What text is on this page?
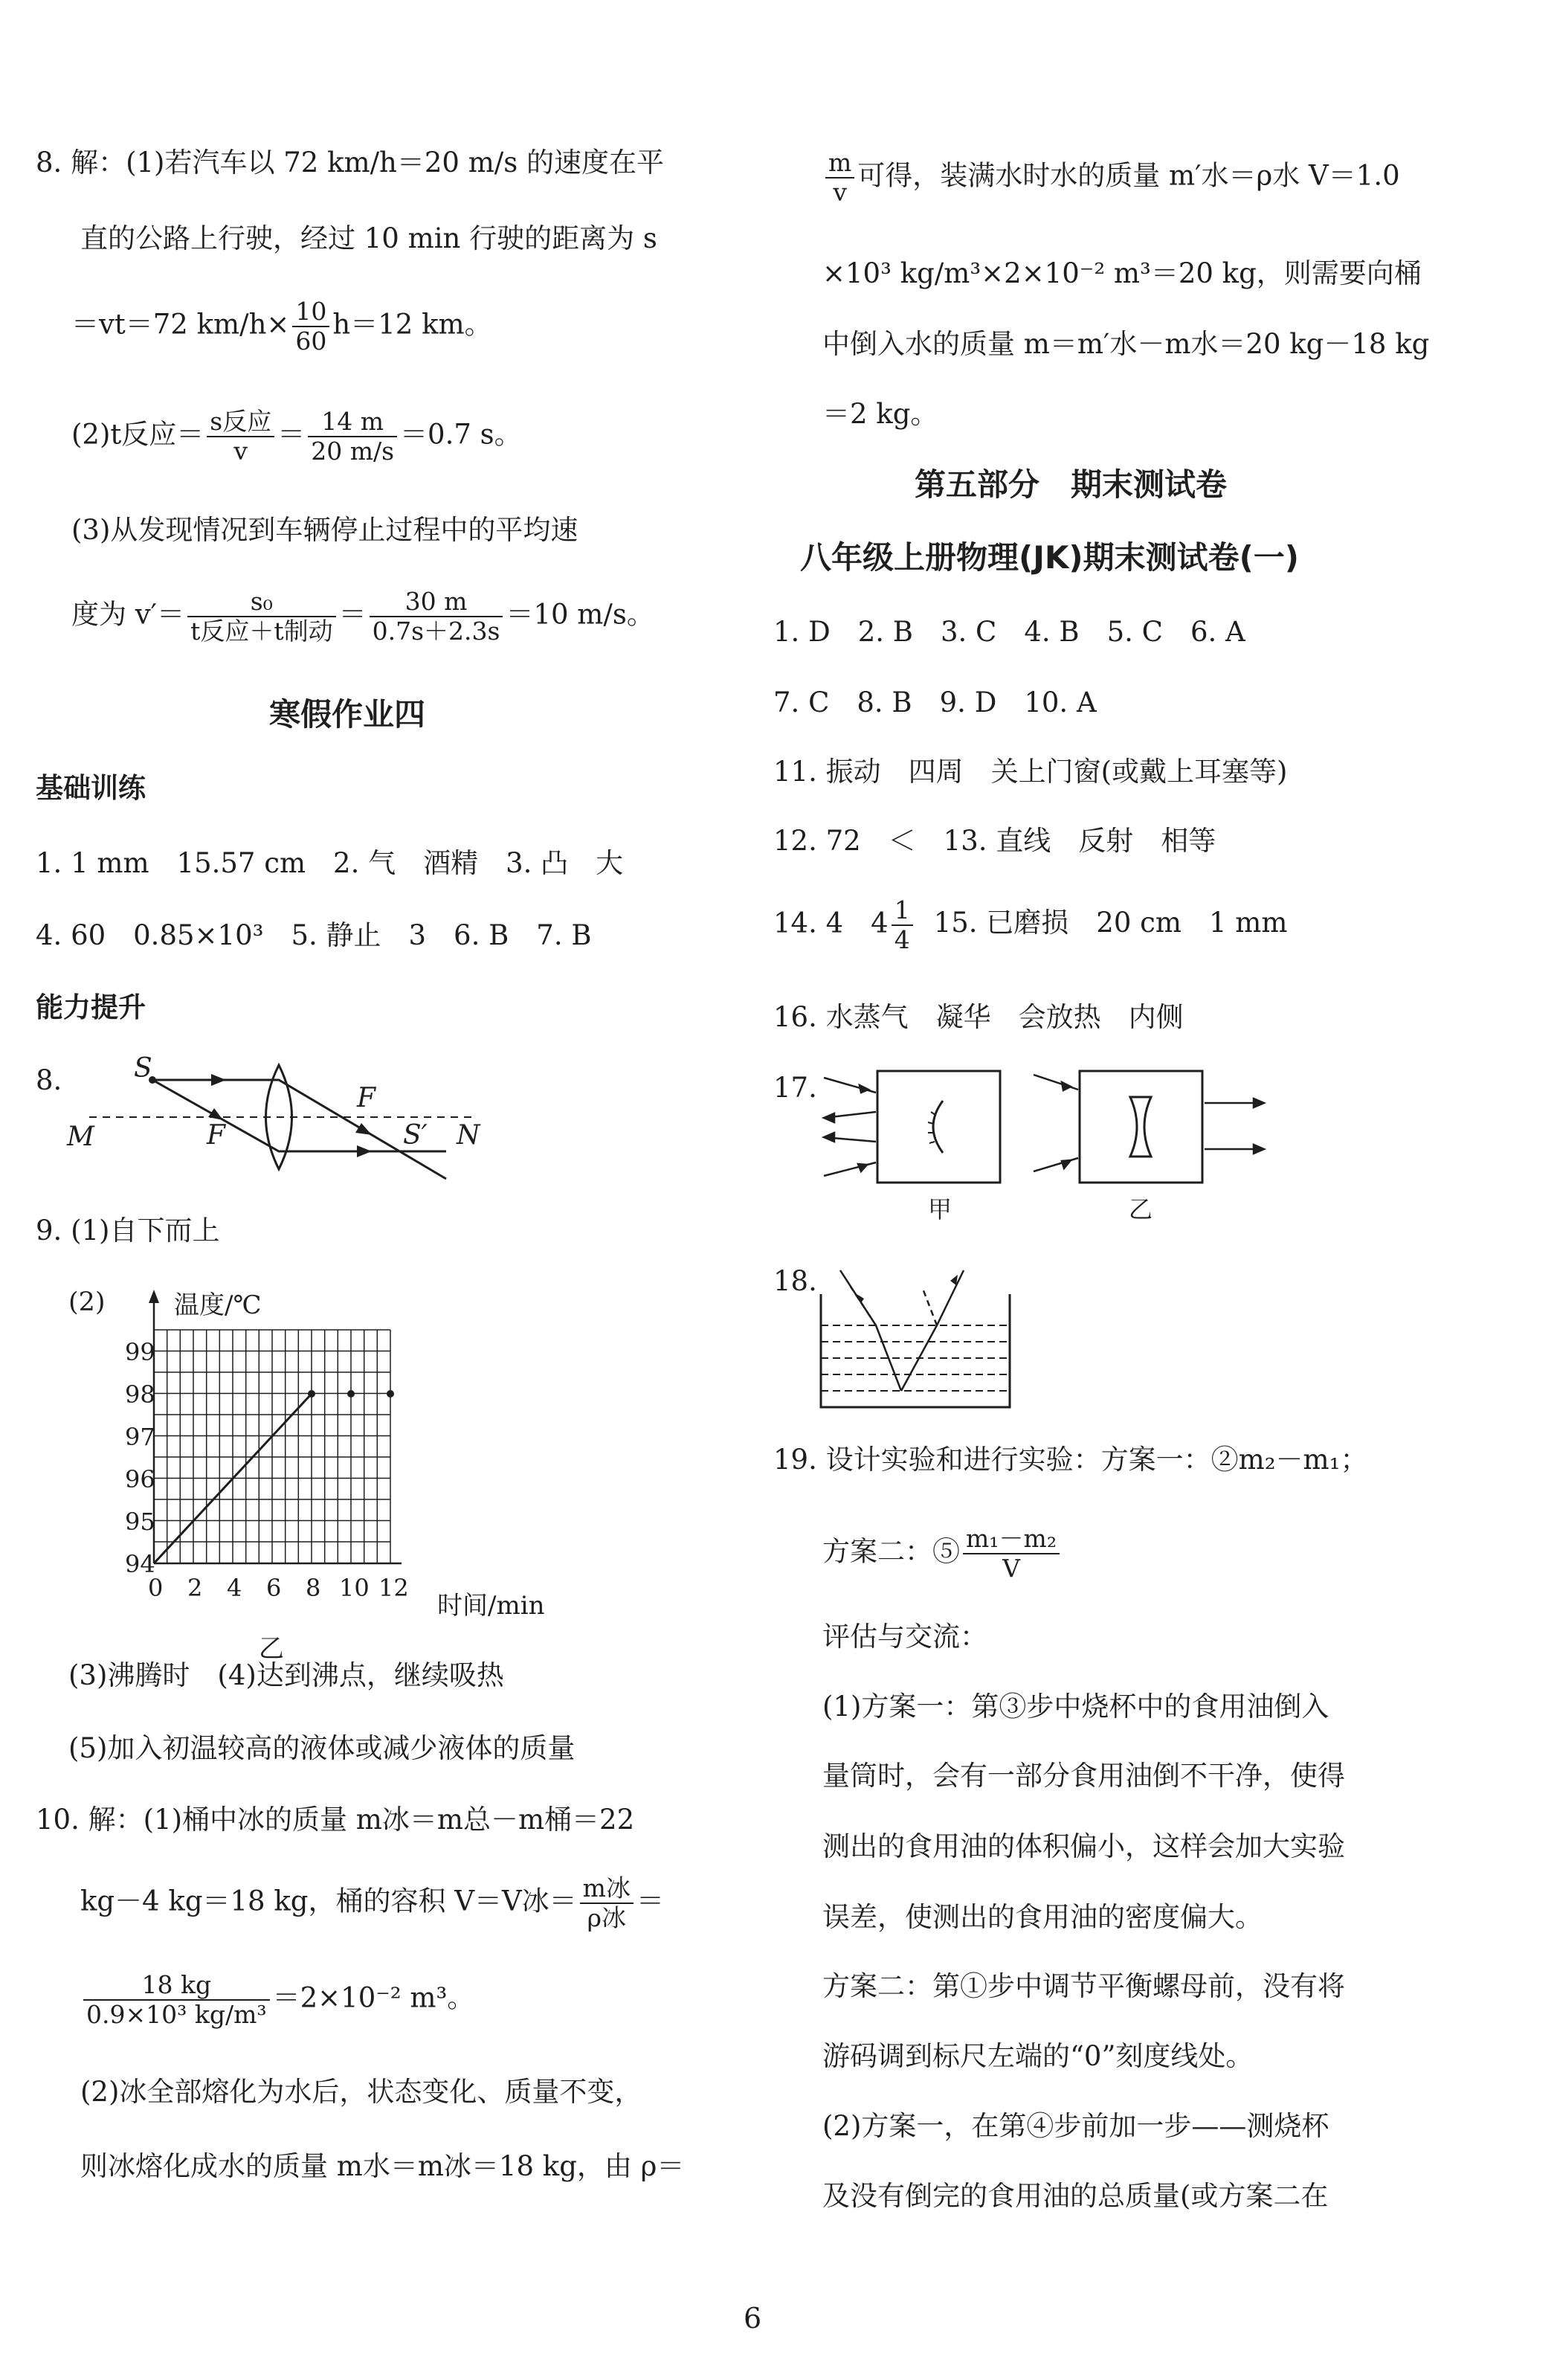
8. 解：(1)若汽车以 72 km/h＝20 m/s 的速度在平
直的公路上行驶，经过 10 min 行驶的距离为 s
＝vt＝72 $km/h\times \frac{10}{60} h=12$ km。
(2)t反应＝ $\frac{\text{s反应}}{v} = \frac{14 m}{20 m/s} =0.7$ s。
(3)从发现情况到车辆停止过程中的平均速
度为 $v'= \frac{\text{s₀}}{\text{t反应＋t制动}} = \frac{30 m}{0.7s+2.3s} =10$ m/s。
寒假作业四
基础训练
1. 1 mm　15.57 cm　2. 气　酒精　3. 凸　大
4. 60　0.85×10³　5. 静止　3　6. B　7. B
能力提升
8.	S
F
F
S′
M	N
9. (1)自下而上
(2)
94
95
96
97
98
99
0 2 4 6 8 10 12
温度/℃
时间/min
乙
(3)沸腾时　(4)达到沸点，继续吸热
(5)加入初温较高的液体或减少液体的质量
10. 解：(1)桶中冰的质量 m冰＝m总－m桶＝22
kg－4 kg＝18 kg，桶的容积 V＝V冰＝ $\frac{\text{m冰}}{\text{ρ冰}}$ ＝
$\frac{18 kg}{\text{0.9×10³ kg/m³}} =2\times 10^{-2}$ m³。
(2)冰全部熔化为水后，状态变化、质量不变，
则冰熔化成水的质量 m水＝m冰＝18 kg，由 ρ＝
$\frac{m}{v}$ 可得，装满水时水的质量 m′水＝ρ水 V＝1.0
×10³ kg/m³×2×10⁻² m³＝20 kg，则需要向桶
中倒入水的质量 m＝m′水－m水＝20 kg－18 kg
＝2 kg。
第五部分　期末测试卷
八年级上册物理(JK)期末测试卷(一)
1. D　2. B　3. C　4. B　5. C　6. A
7. C　8. B　9. D　10. A
11. 振动　四周　关上门窗(或戴上耳塞等)
12. 72　＜　13. 直线　反射　相等
14. 4　$4 \frac{1}{4} 15$. 已磨损　20 cm　1 mm
16. 水蒸气　凝华　会放热　内侧
17.
甲	乙
18.
19. 设计实验和进行实验：方案一：②m₂－m₁；
方案二：⑤ $\frac{\text{m₁－m₂}}{V}$
评估与交流：
(1)方案一：第③步中烧杯中的食用油倒入
量筒时，会有一部分食用油倒不干净，使得
测出的食用油的体积偏小，这样会加大实验
误差，使测出的食用油的密度偏大。
方案二：第①步中调节平衡螺母前，没有将
游码调到标尺左端的“0”刻度线处。
(2)方案一，在第④步前加一步——测烧杯
及没有倒完的食用油的总质量(或方案二在
6
